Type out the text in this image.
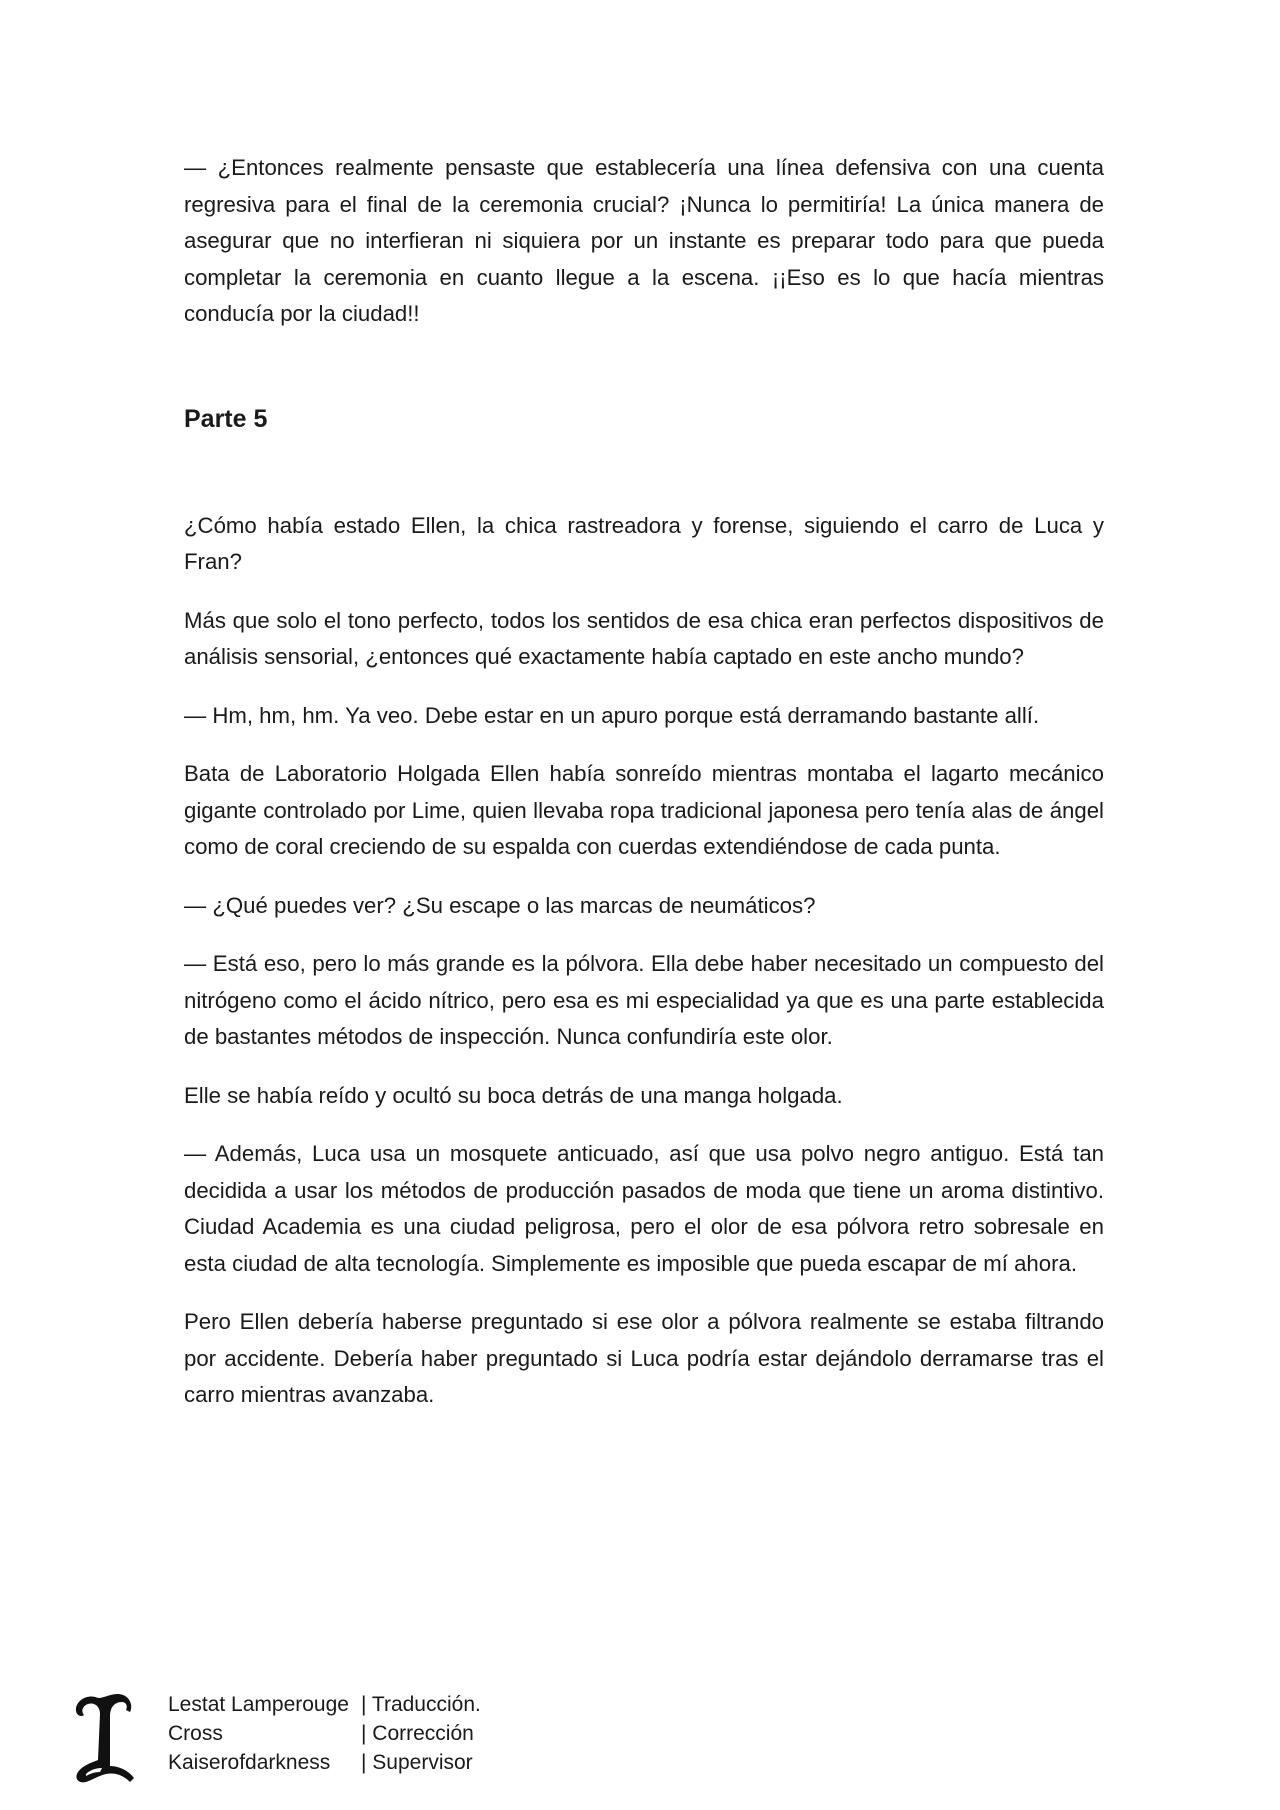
— ¿Entonces realmente pensaste que establecería una línea defensiva con una cuenta regresiva para el final de la ceremonia crucial? ¡Nunca lo permitiría! La única manera de asegurar que no interfieran ni siquiera por un instante es preparar todo para que pueda completar la ceremonia en cuanto llegue a la escena. ¡¡Eso es lo que hacía mientras conducía por la ciudad!!

Parte 5

¿Cómo había estado Ellen, la chica rastreadora y forense, siguiendo el carro de Luca y Fran?

Más que solo el tono perfecto, todos los sentidos de esa chica eran perfectos dispositivos de análisis sensorial, ¿entonces qué exactamente había captado en este ancho mundo?

— Hm, hm, hm. Ya veo. Debe estar en un apuro porque está derramando bastante allí.

Bata de Laboratorio Holgada Ellen había sonreído mientras montaba el lagarto mecánico gigante controlado por Lime, quien llevaba ropa tradicional japonesa pero tenía alas de ángel como de coral creciendo de su espalda con cuerdas extendiéndose de cada punta.

— ¿Qué puedes ver? ¿Su escape o las marcas de neumáticos?

— Está eso, pero lo más grande es la pólvora. Ella debe haber necesitado un compuesto del nitrógeno como el ácido nítrico, pero esa es mi especialidad ya que es una parte establecida de bastantes métodos de inspección. Nunca confundiría este olor.

Elle se había reído y ocultó su boca detrás de una manga holgada.

— Además, Luca usa un mosquete anticuado, así que usa polvo negro antiguo. Está tan decidida a usar los métodos de producción pasados de moda que tiene un aroma distintivo. Ciudad Academia es una ciudad peligrosa, pero el olor de esa pólvora retro sobresale en esta ciudad de alta tecnología. Simplemente es imposible que pueda escapar de mí ahora.

Pero Ellen debería haberse preguntado si ese olor a pólvora realmente se estaba filtrando por accidente. Debería haber preguntado si Luca podría estar dejándolo derramarse tras el carro mientras avanzaba.

Lestat Lamperouge | Traducción.
Cross	| Corrección
Kaiserofdarkness	| Supervisor
